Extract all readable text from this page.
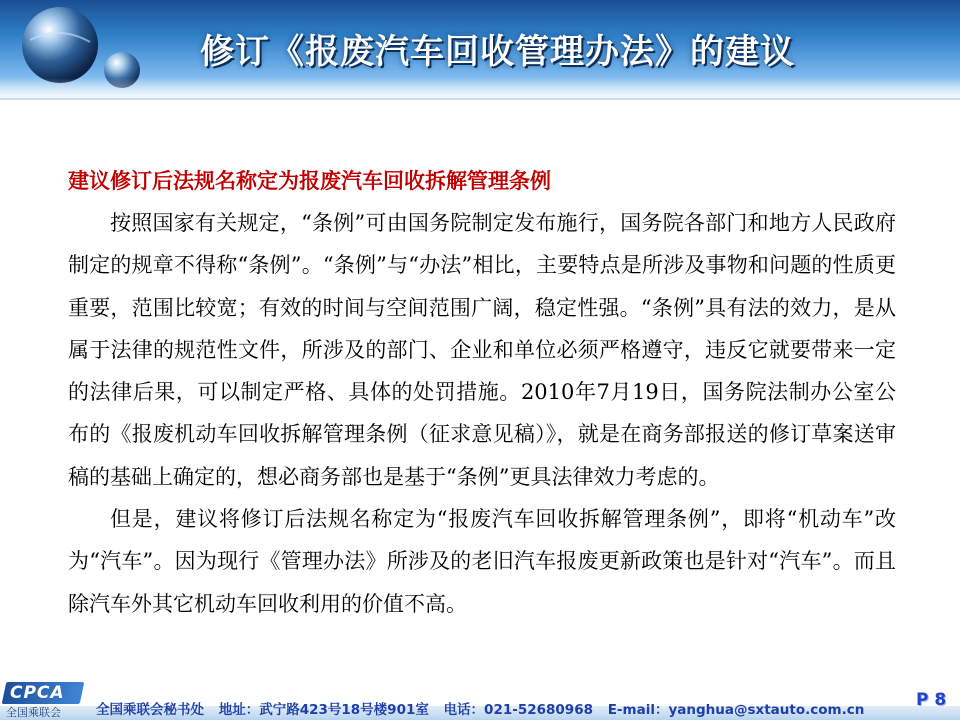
修订《报废汽车回收管理办法》的建议

建议修订后法规名称定为报废汽车回收拆解管理条例

按照国家有关规定，“条例”可由国务院制定发布施行，国务院各部门和地方人民政府制定的规章不得称“条例”。“条例”与“办法”相比，主要特点是所涉及事物和问题的性质更重要，范围比较宽；有效的时间与空间范围广阔，稳定性强。“条例”具有法的效力，是从属于法律的规范性文件，所涉及的部门、企业和单位必须严格遵守，违反它就要带来一定的法律后果，可以制定严格、具体的处罚措施。2010年7月19日，国务院法制办公室公布的《报废机动车回收拆解管理条例（征求意见稿）》，就是在商务部报送的修订草案送审稿的基础上确定的，想必商务部也是基于“条例”更具法律效力考虑的。

但是，建议将修订后法规名称定为“报废汽车回收拆解管理条例”，即将“机动车”改为“汽车”。因为现行《管理办法》所涉及的老旧汽车报废更新政策也是针对“汽车”。而且除汽车外其它机动车回收利用的价值不高。

CPCA
全国乘联会	全国乘联会秘书处 地址：武宁路423号18号楼901室 电话：021-52680968 E-mail：yanghua@sxtauto.com.cn	P 8
